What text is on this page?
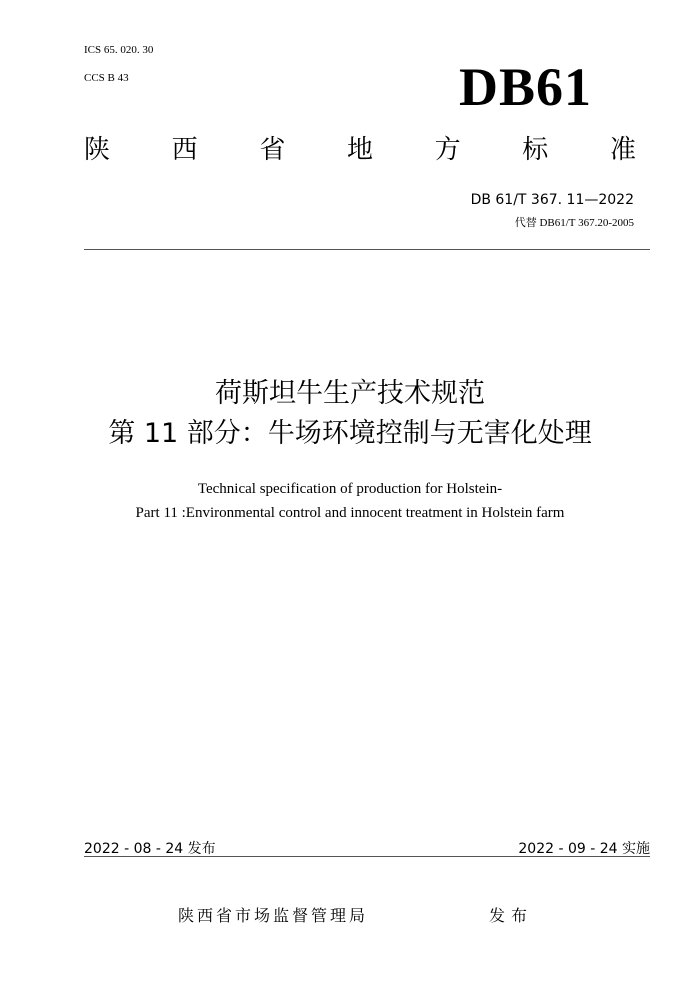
ICS 65. 020. 30
CCS B 43	DB61
陕 西 省 地 方 标 准
DB 61/T 367. 11—2022
代替 DB61/T 367.20-2005
荷斯坦牛生产技术规范
第 11 部分：牛场环境控制与无害化处理
Technical specification of production for Holstein-
Part 11 :Environmental control and innocent treatment in Holstein farm
2022 - 08 - 24 发布	2022 - 09 - 24 实施
陕西省市场监督管理局	发布
